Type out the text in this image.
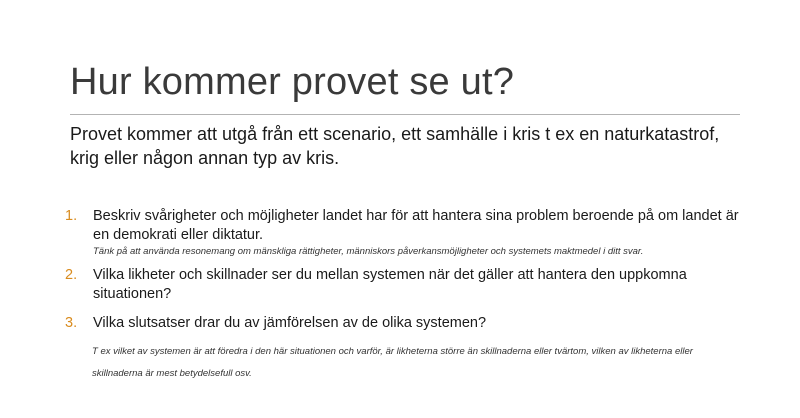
Hur kommer provet se ut?
Provet kommer att utgå från ett scenario, ett samhälle i kris t ex en naturkatastrof, krig eller någon annan typ av kris.
1.	Beskriv svårigheter och möjligheter landet har för att hantera sina problem beroende på om landet är en demokrati eller diktatur.
Tänk på att använda resonemang om mänskliga rättigheter, människors påverkansmöjligheter och systemets maktmedel i ditt svar.
2.	Vilka likheter och skillnader ser du mellan systemen när det gäller att hantera den uppkomna situationen?
3.	Vilka slutsatser drar du av jämförelsen av de olika systemen?
T ex vilket av systemen är att föredra i den här situationen och varför, är likheterna större än skillnaderna eller tvärtom, vilken av likheterna eller skillnaderna är mest betydelsefull osv.
